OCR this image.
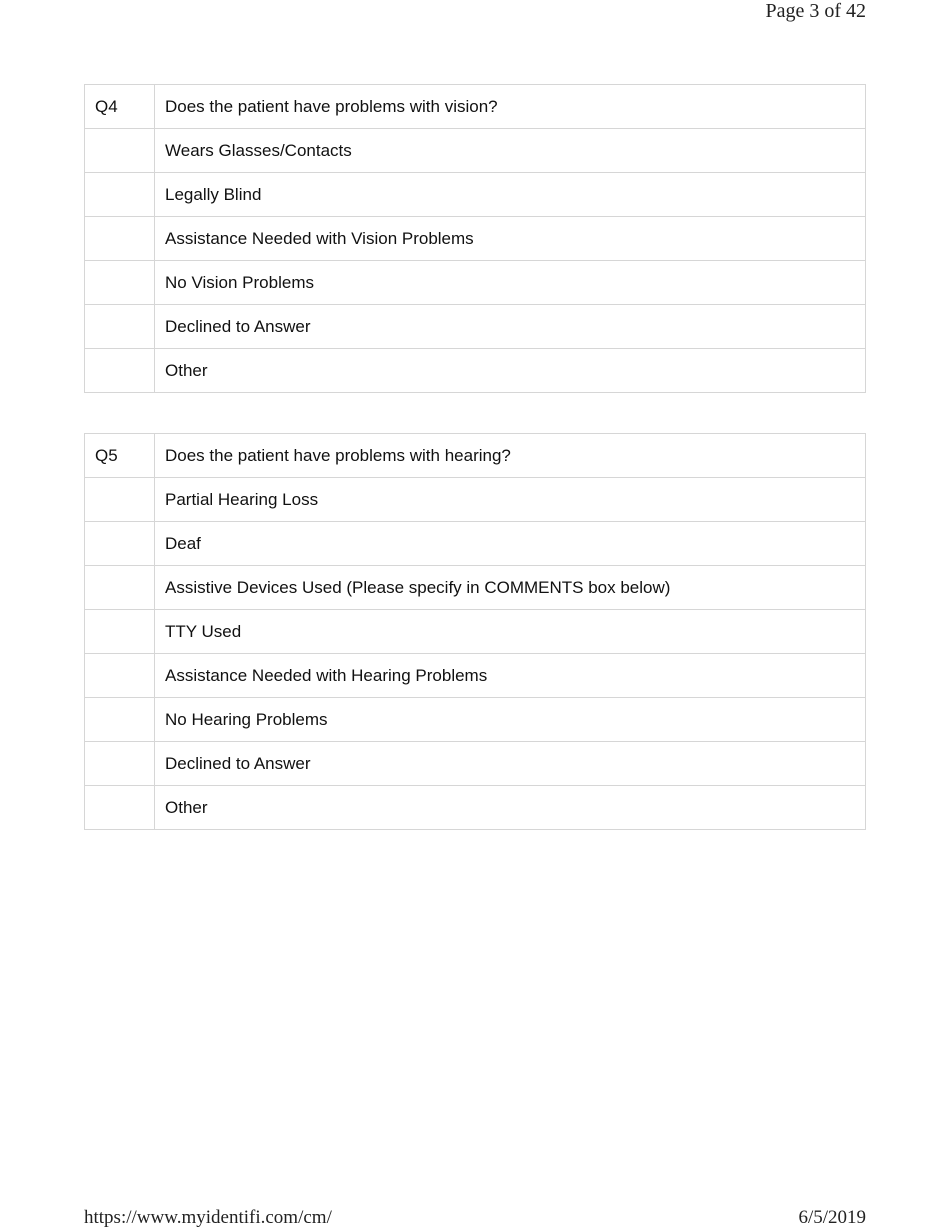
Page 3 of 42
Q4	Does the patient have problems with vision?
	Wears Glasses/Contacts
	Legally Blind
	Assistance Needed with Vision Problems
	No Vision Problems
	Declined to Answer
	Other
Q5	Does the patient have problems with hearing?
	Partial Hearing Loss
	Deaf
	Assistive Devices Used (Please specify in COMMENTS box below)
	TTY Used
	Assistance Needed with Hearing Problems
	No Hearing Problems
	Declined to Answer
	Other
https://www.myidentifi.com/cm/	6/5/2019
